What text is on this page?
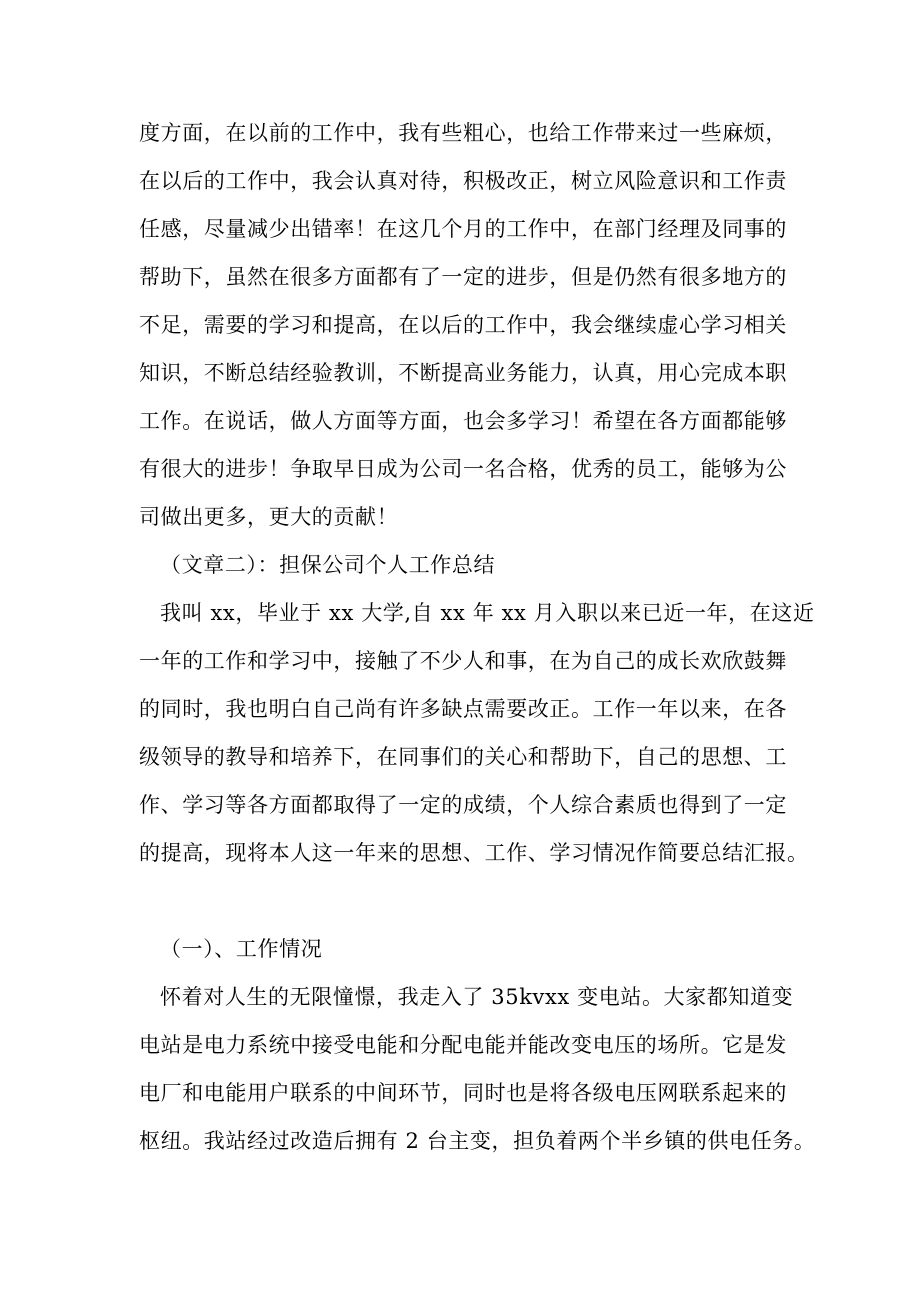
度方面，在以前的工作中，我有些粗心，也给工作带来过一些麻烦，

在以后的工作中，我会认真对待，积极改正，树立风险意识和工作责

任感，尽量减少出错率！在这几个月的工作中，在部门经理及同事的

帮助下，虽然在很多方面都有了一定的进步，但是仍然有很多地方的

不足，需要的学习和提高，在以后的工作中，我会继续虚心学习相关

知识，不断总结经验教训，不断提高业务能力，认真，用心完成本职

工作。在说话，做人方面等方面，也会多学习！希望在各方面都能够

有很大的进步！争取早日成为公司一名合格，优秀的员工，能够为公

司做出更多，更大的贡献！

（文章二）：担保公司个人工作总结

我叫 xx，毕业于 xx 大学,自 xx 年 xx 月入职以来已近一年，在这近

一年的工作和学习中，接触了不少人和事，在为自己的成长欢欣鼓舞

的同时，我也明白自己尚有许多缺点需要改正。工作一年以来，在各

级领导的教导和培养下，在同事们的关心和帮助下，自己的思想、工

作、学习等各方面都取得了一定的成绩，个人综合素质也得到了一定

的提高，现将本人这一年来的思想、工作、学习情况作简要总结汇报。

（一）、工作情况

怀着对人生的无限憧憬，我走入了 35kvxx 变电站。大家都知道变

电站是电力系统中接受电能和分配电能并能改变电压的场所。它是发

电厂和电能用户联系的中间环节，同时也是将各级电压网联系起来的

枢纽。我站经过改造后拥有 2 台主变，担负着两个半乡镇的供电任务。
